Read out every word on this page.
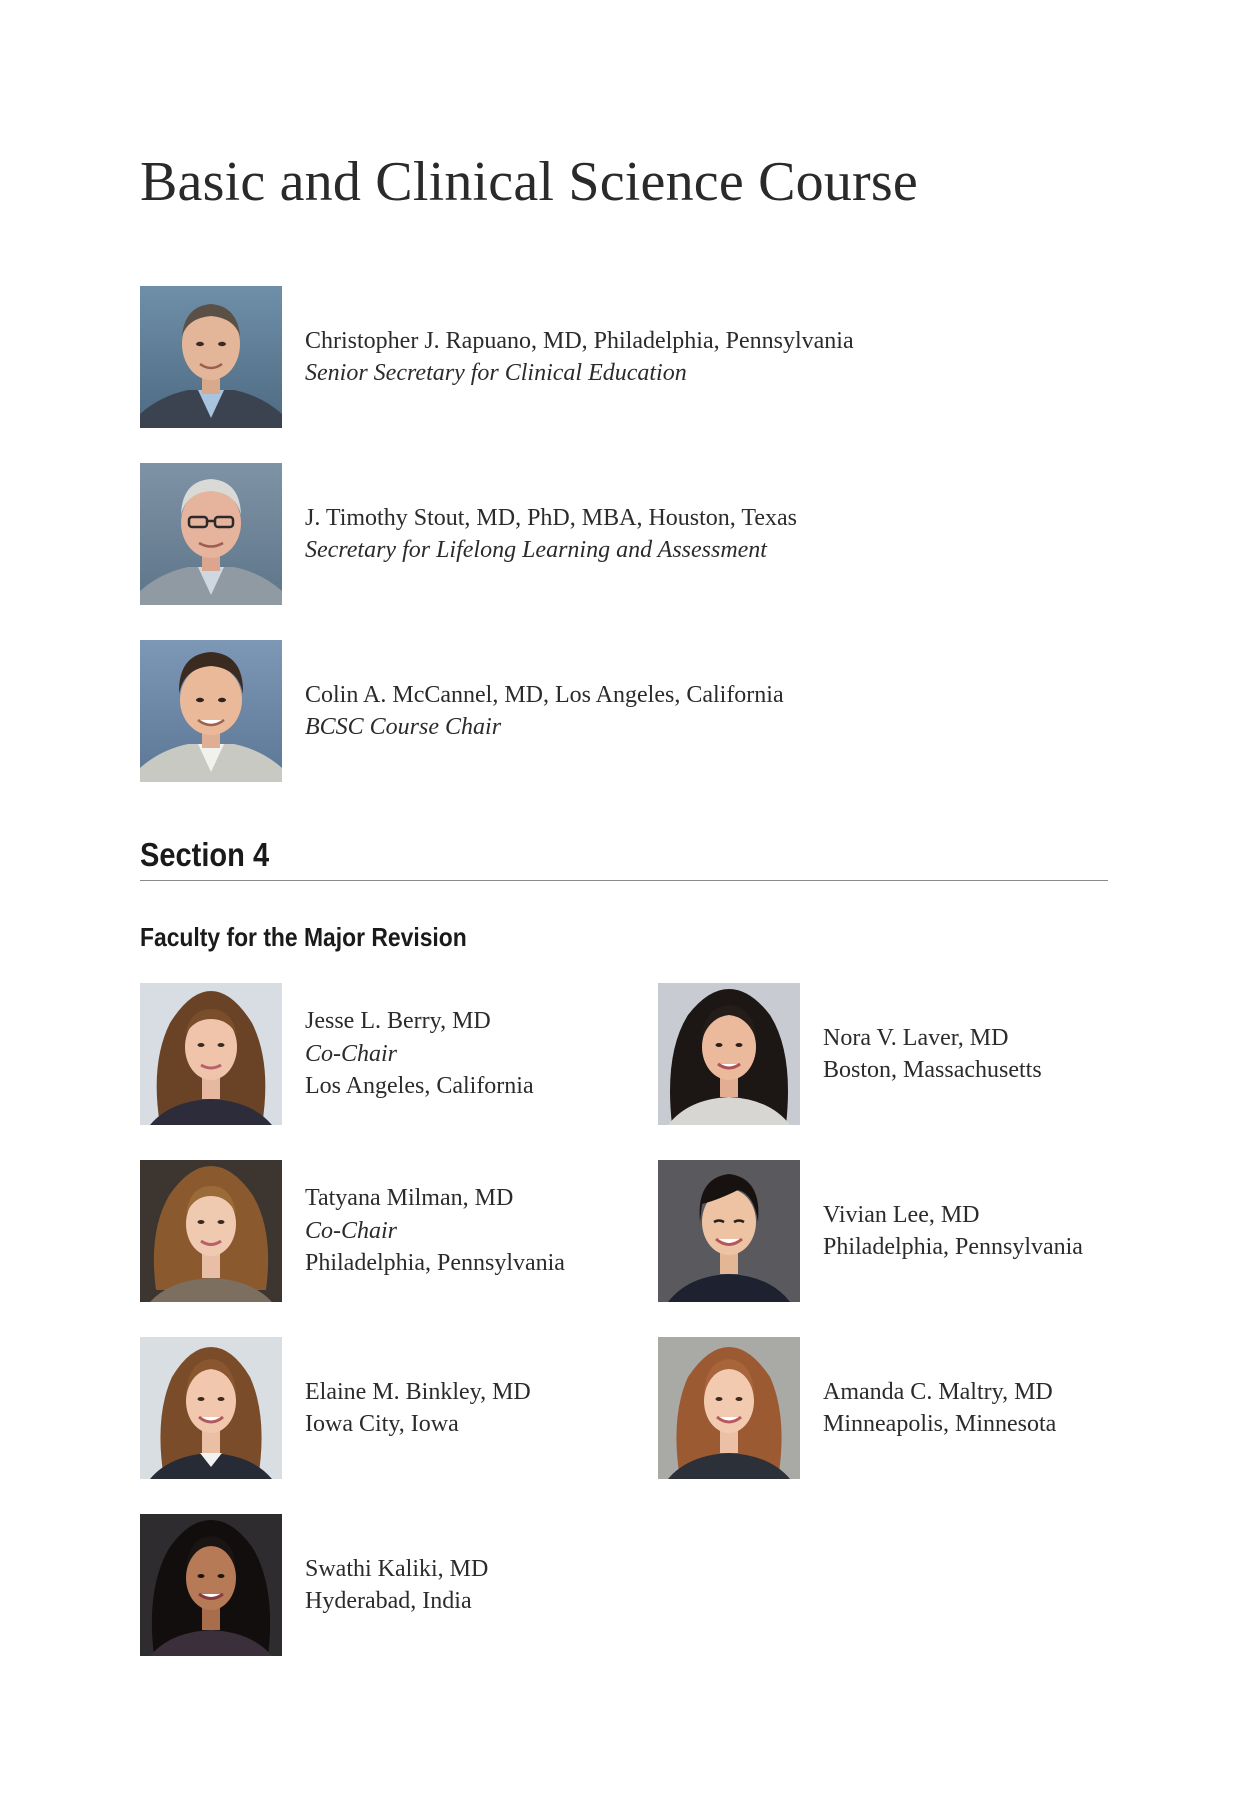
Basic and Clinical Science Course
Christopher J. Rapuano, MD, Philadelphia, Pennsylvania
Senior Secretary for Clinical Education
J. Timothy Stout, MD, PhD, MBA, Houston, Texas
Secretary for Lifelong Learning and Assessment
Colin A. McCannel, MD, Los Angeles, California
BCSC Course Chair
Section 4
Faculty for the Major Revision
Jesse L. Berry, MD
Co-Chair
Los Angeles, California
Nora V. Laver, MD
Boston, Massachusetts
Tatyana Milman, MD
Co-Chair
Philadelphia, Pennsylvania
Vivian Lee, MD
Philadelphia, Pennsylvania
Elaine M. Binkley, MD
Iowa City, Iowa
Amanda C. Maltry, MD
Minneapolis, Minnesota
Swathi Kaliki, MD
Hyderabad, India
